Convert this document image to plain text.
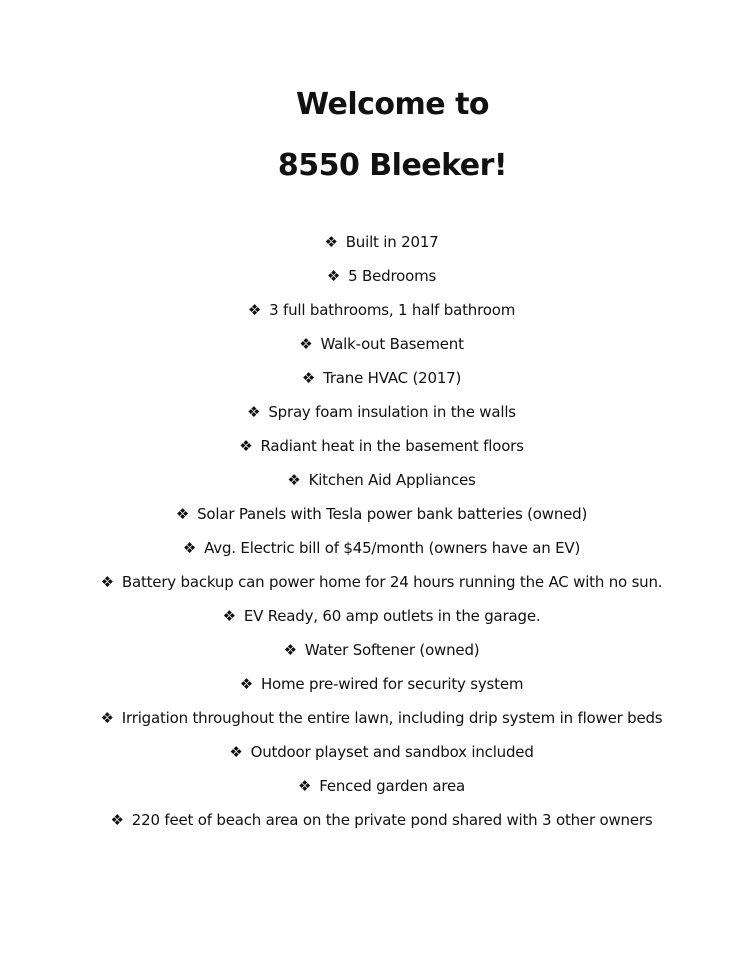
Welcome to
8550 Bleeker!
❖ Built in 2017
❖ 5 Bedrooms
❖ 3 full bathrooms, 1 half bathroom
❖ Walk-out Basement
❖ Trane HVAC (2017)
❖ Spray foam insulation in the walls
❖ Radiant heat in the basement floors
❖ Kitchen Aid Appliances
❖ Solar Panels with Tesla power bank batteries (owned)
❖ Avg. Electric bill of $45/month (owners have an EV)
❖ Battery backup can power home for 24 hours running the AC with no sun.
❖ EV Ready, 60 amp outlets in the garage.
❖ Water Softener (owned)
❖ Home pre-wired for security system
❖ Irrigation throughout the entire lawn, including drip system in flower beds
❖ Outdoor playset and sandbox included
❖ Fenced garden area
❖ 220 feet of beach area on the private pond shared with 3 other owners
